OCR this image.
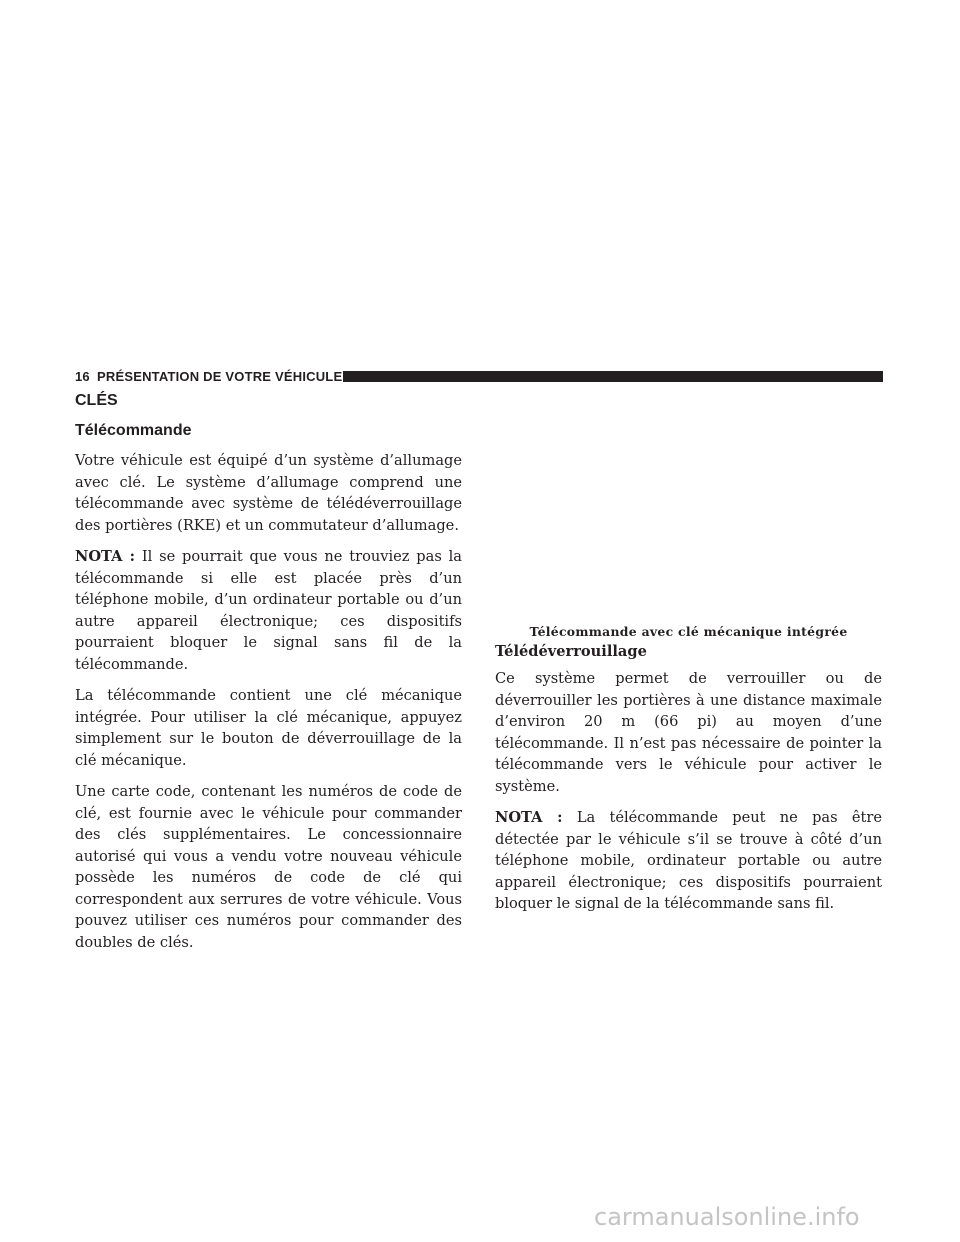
16 PRÉSENTATION DE VOTRE VÉHICULE
CLÉS
Télécommande

Votre véhicule est équipé d’un système d’allumage avec clé. Le système d’allumage comprend une télécommande avec système de télédéverrouillage des portières (RKE) et un commutateur d’allumage.

NOTA : Il se pourrait que vous ne trouviez pas la télécommande si elle est placée près d’un téléphone mobile, d’un ordinateur portable ou d’un autre appareil électronique; ces dispositifs pourraient bloquer le signal sans fil de la télécommande.

La télécommande contient une clé mécanique intégrée. Pour utiliser la clé mécanique, appuyez simplement sur le bouton de déverrouillage de la clé mécanique.

Une carte code, contenant les numéros de code de clé, est fournie avec le véhicule pour commander des clés supplémentaires. Le concessionnaire autorisé qui vous a vendu votre nouveau véhicule possède les numéros de code de clé qui correspondent aux serrures de votre véhicule. Vous pouvez utiliser ces numéros pour commander des doubles de clés.

Télécommande avec clé mécanique intégrée
Télédéverrouillage

Ce système permet de verrouiller ou de déverrouiller les portières à une distance maximale d’environ 20 m (66 pi) au moyen d’une télécommande. Il n’est pas nécessaire de pointer la télécommande vers le véhicule pour activer le système.

NOTA : La télécommande peut ne pas être détectée par le véhicule s’il se trouve à côté d’un téléphone mobile, ordinateur portable ou autre appareil électronique; ces dispositifs pourraient bloquer le signal de la télécommande sans fil.

carmanualsonline.info
